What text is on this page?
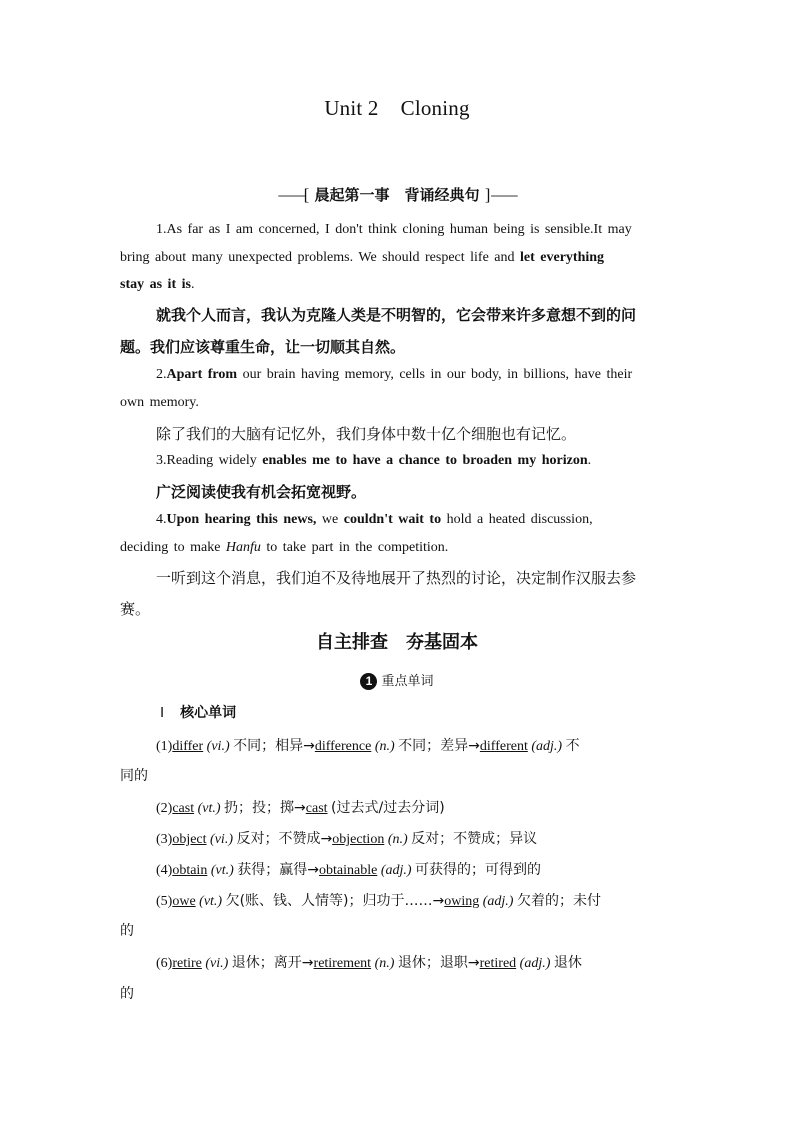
Unit 2 Cloning
——[ 晨起第一事　背诵经典句 ]——
1.As far as I am concerned, I don't think cloning human being is sensible.It may
bring about many unexpected problems. We should respect life and let everything
stay as it is.
就我个人而言，我认为克隆人类是不明智的，它会带来许多意想不到的问
题。我们应该尊重生命，让一切顺其自然。
2.Apart from our brain having memory, cells in our body, in billions, have their
own memory.
除了我们的大脑有记忆外，我们身体中数十亿个细胞也有记忆。
3.Reading widely enables me to have a chance to broaden my horizon.
广泛阅读使我有机会拓宽视野。
4.Upon hearing this news, we couldn't wait to hold a heated discussion,
deciding to make Hanfu to take part in the competition.
一听到这个消息，我们迫不及待地展开了热烈的讨论，决定制作汉服去参
赛。
自主排查　夯基固本
1 重点单词
Ⅰ 核心单词
(1)differ (vi.) 不同；相异→difference (n.) 不同；差异→different (adj.) 不
同的
(2)cast (vt.) 扔；投；掷→cast (过去式/过去分词)
(3)object (vi.) 反对；不赞成→objection (n.) 反对；不赞成；异议
(4)obtain (vt.) 获得；赢得→obtainable (adj.) 可获得的；可得到的
(5)owe (vt.) 欠(账、钱、人情等)；归功于……→owing (adj.) 欠着的；未付
的
(6)retire (vi.) 退休；离开→retirement (n.) 退休；退职→retired (adj.) 退休
的
